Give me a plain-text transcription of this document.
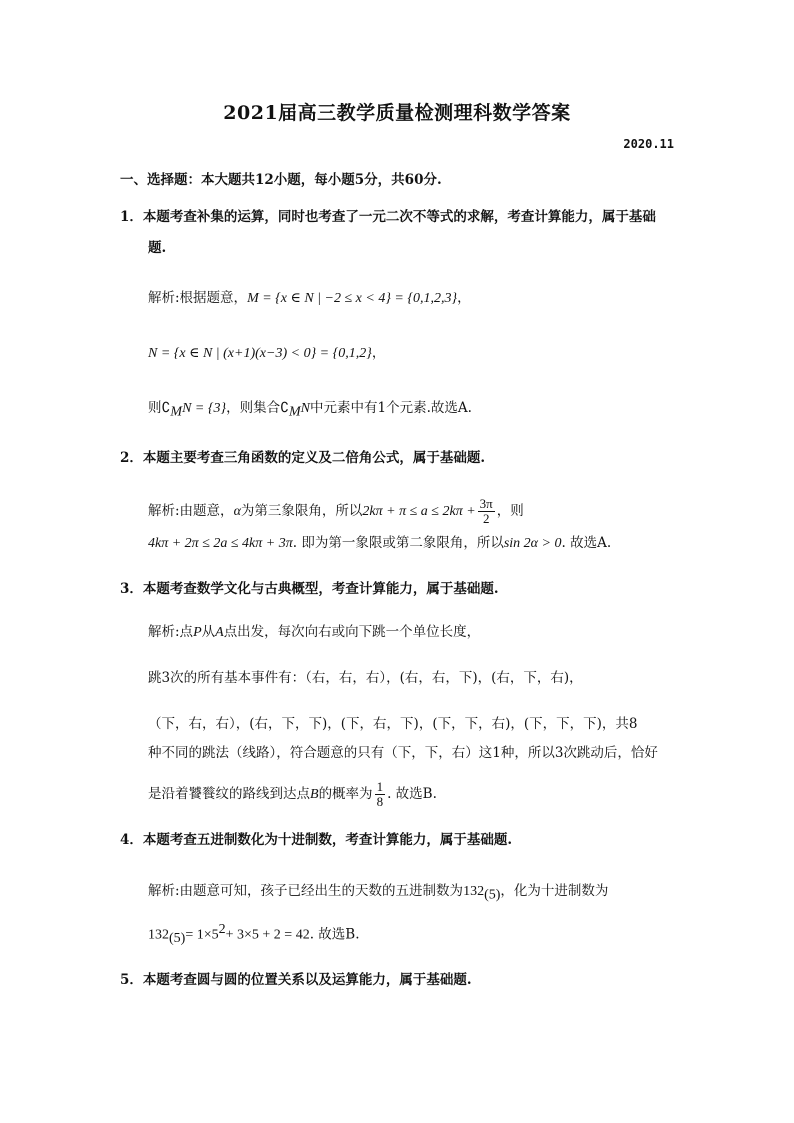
2021届高三教学质量检测理科数学答案
2020.11
一、选择题：本大题共12小题，每小题5分，共60分.
1．本题考查补集的运算，同时也考查了一元二次不等式的求解，考查计算能力，属于基础
题.
解析:根据题意，M = {x ∈ N | −2 ≤ x < 4} = {0,1,2,3}，
N = {x ∈ N | (x+1)(x−3) < 0} = {0,1,2}，
则$∁_MN = \{3\}$，则集合$∁_MN$中元素中有1个元素.故选A.
2．本题主要考查三角函数的定义及二倍角公式，属于基础题.
解析:由题意，α为第三象限角，所以$2k\pi + \pi \le a \le 2k\pi + \frac{3\pi}{2}$ ，则
4kπ + 2π ≤ 2a ≤ 4kπ + 3π. 即为第一象限或第二象限角，所以sin 2α > 0. 故选A.
3．本题考查数学文化与古典概型，考查计算能力，属于基础题.
解析:点P从A点出发，每次向右或向下跳一个单位长度，
跳3次的所有基本事件有：（右，右，右），(右，右，下)，(右，下，右)，
（下，右，右），(右，下，下)，(下，右，下)，(下，下，右)，(下，下，下)，共8
种不同的跳法（线路），符合题意的只有（下，下，右）这1种，所以3次跳动后，恰好
是沿着饕餮纹的路线到达点B的概率为 $\frac{1}{8}$ . 故选B.
4．本题考查五进制数化为十进制数，考查计算能力，属于基础题.
解析:由题意可知，孩子已经出生的天数的五进制数为$132_{(5)}$，化为十进制数为
$132_{(5)}= 1\times 5^2+ 3\times 5 + 2 = 42$. 故选B.
5．本题考查圆与圆的位置关系以及运算能力，属于基础题.
